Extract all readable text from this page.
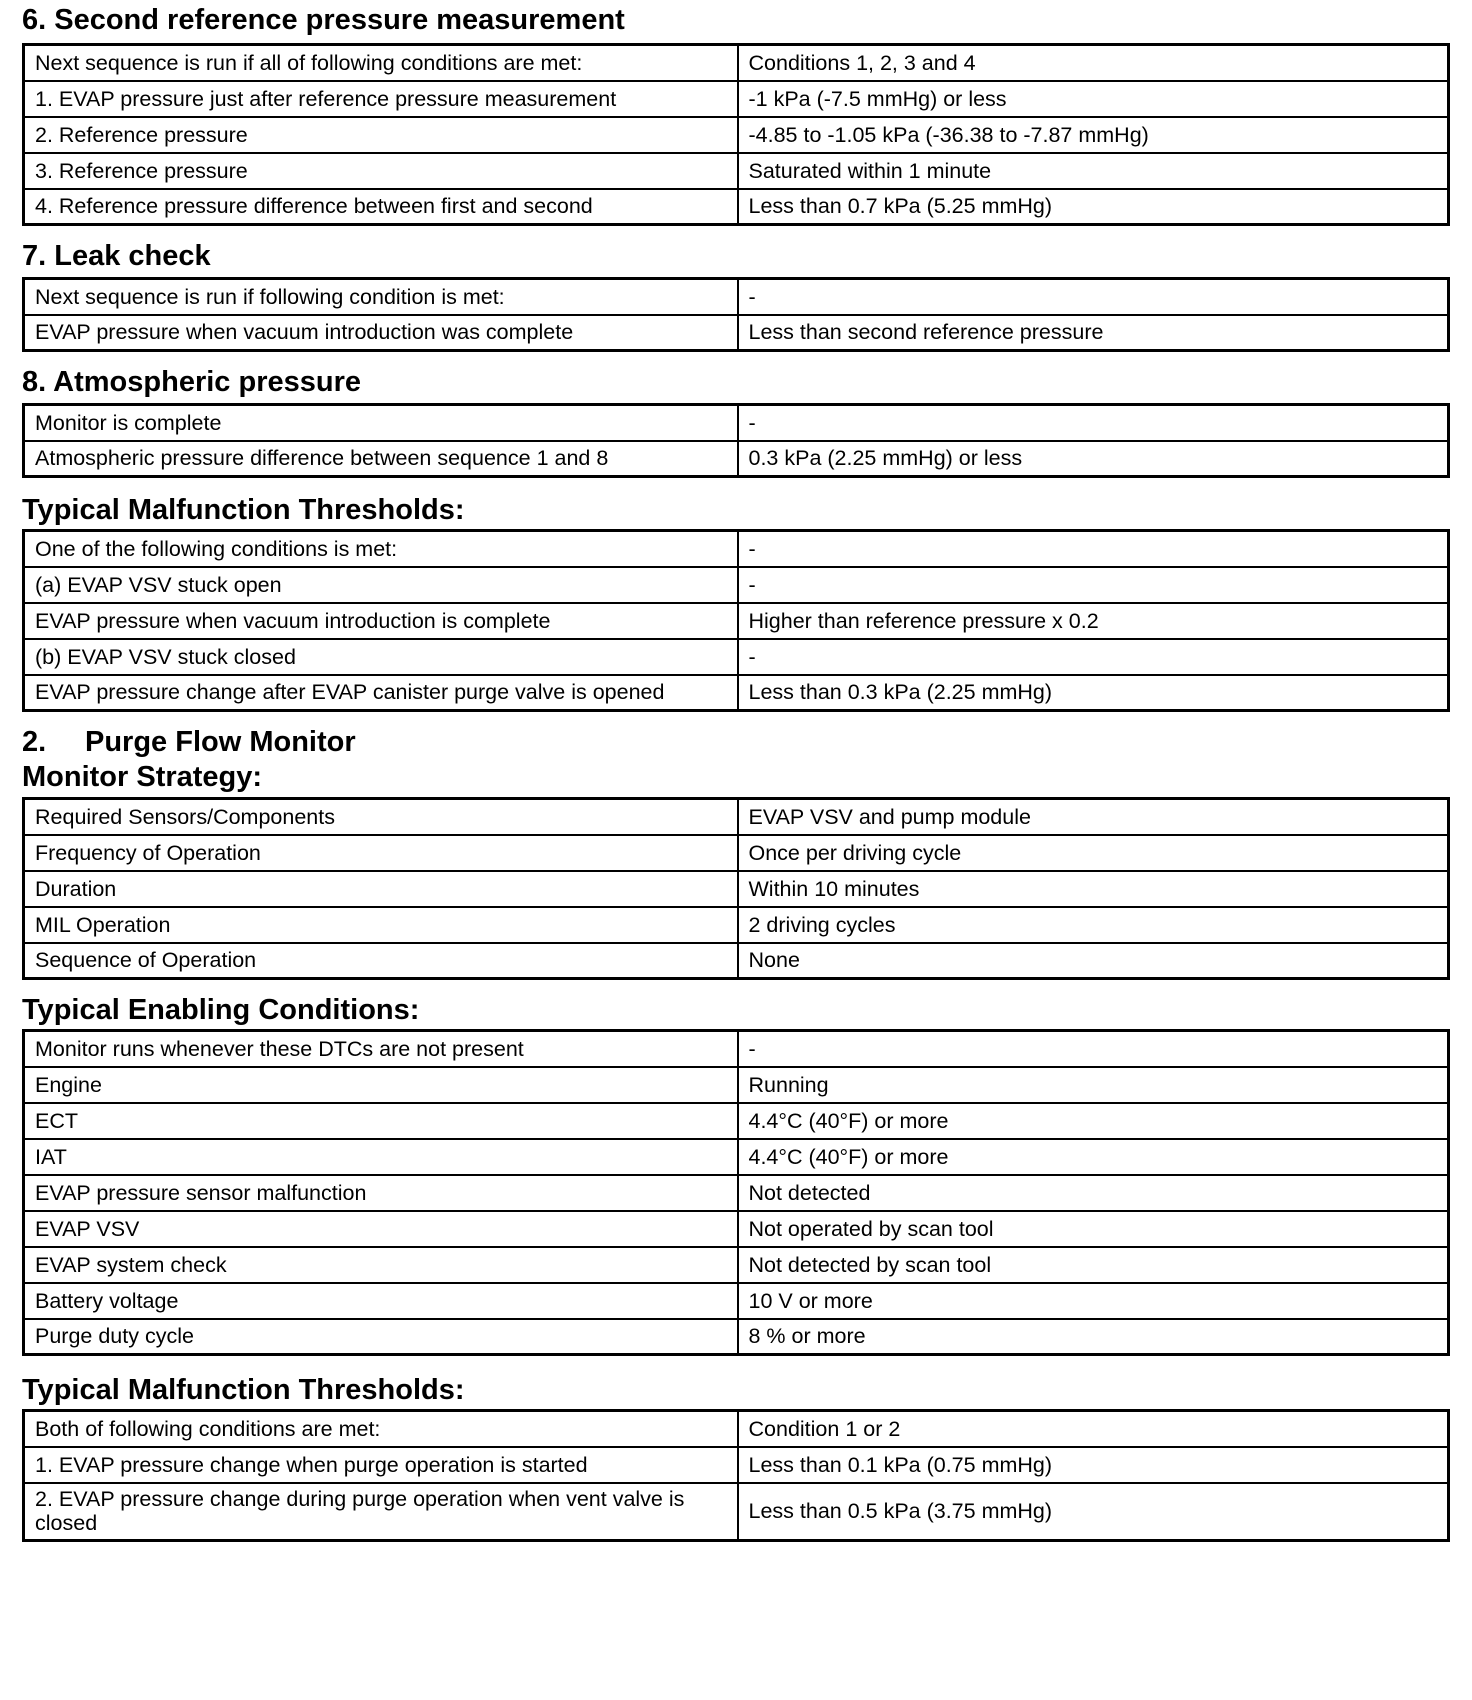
6. Second reference pressure measurement
Next sequence is run if all of following conditions are met:	Conditions 1, 2, 3 and 4
1. EVAP pressure just after reference pressure measurement	-1 kPa (-7.5 mmHg) or less
2. Reference pressure	-4.85 to -1.05 kPa (-36.38 to -7.87 mmHg)
3. Reference pressure	Saturated within 1 minute
4. Reference pressure difference between first and second	Less than 0.7 kPa (5.25 mmHg)
7. Leak check
Next sequence is run if following condition is met:	-
EVAP pressure when vacuum introduction was complete	Less than second reference pressure
8. Atmospheric pressure
Monitor is complete	-
Atmospheric pressure difference between sequence 1 and 8	0.3 kPa (2.25 mmHg) or less
Typical Malfunction Thresholds:
One of the following conditions is met:	-
(a) EVAP VSV stuck open	-
EVAP pressure when vacuum introduction is complete	Higher than reference pressure x 0.2
(b) EVAP VSV stuck closed	-
EVAP pressure change after EVAP canister purge valve is opened	Less than 0.3 kPa (2.25 mmHg)
2.	Purge Flow Monitor
Monitor Strategy:
Required Sensors/Components	EVAP VSV and pump module
Frequency of Operation	Once per driving cycle
Duration	Within 10 minutes
MIL Operation	2 driving cycles
Sequence of Operation	None
Typical Enabling Conditions:
Monitor runs whenever these DTCs are not present	-
Engine	Running
ECT	4.4°C (40°F) or more
IAT	4.4°C (40°F) or more
EVAP pressure sensor malfunction	Not detected
EVAP VSV	Not operated by scan tool
EVAP system check	Not detected by scan tool
Battery voltage	10 V or more
Purge duty cycle	8 % or more
Typical Malfunction Thresholds:
Both of following conditions are met:	Condition 1 or 2
1. EVAP pressure change when purge operation is started	Less than 0.1 kPa (0.75 mmHg)
2. EVAP pressure change during purge operation when vent valve is closed	Less than 0.5 kPa (3.75 mmHg)
